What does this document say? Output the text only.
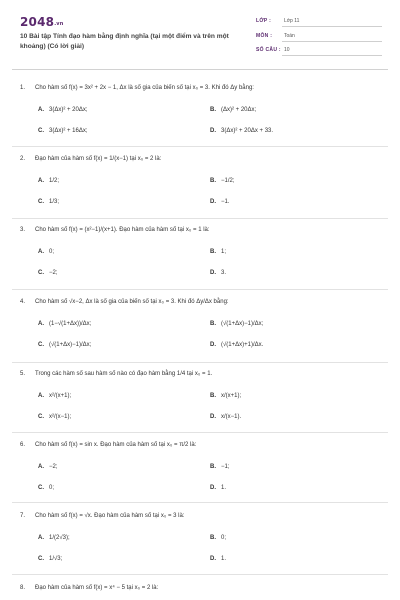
2048.vn
10 Bài tập Tính đạo hàm bằng định nghĩa (tại một điểm và trên một khoảng) (Có lời giải)
LỚP :	Lớp 11
MÔN : Toán
SỐ CÂU : 10
1. Cho hàm số f(x) = 3x² + 2x − 1, Δx là số gia của biến số tại x₀ = 3. Khi đó Δy bằng:
A. 3(Δx)² + 20Δx;	B. (Δx)² + 20Δx;
C. 3(Δx)² + 16Δx;	D. 3(Δx)² + 20Δx + 33.
2. Đạo hàm của hàm số f(x) = 1/(x−1) tại x₀ = 2 là:
A. 1/2;	B. −1/2;
C. 1/3;	D. −1.
3. Cho hàm số f(x) = (x²−1)/(x+1). Đạo hàm của hàm số tại x₀ = 1 là:
A. 0;	B. 1;
C. −2;	D. 3.
4. Cho hàm số √x−2, Δx là số gia của biến số tại x₀ = 3. Khi đó Δy/Δx bằng:
A. (1−√(1+Δx))/Δx;	B. (√(1+Δx)−1)/Δx;
C. (√(1+Δx)−1)/Δx;	D. (√(1+Δx)+1)/Δx.
5. Trong các hàm số sau hàm số nào có đạo hàm bằng 1/4 tại x₀ = 1.
A. x²/(x+1);	B. x/(x+1);
C. x²/(x−1);	D. x/(x−1).
6. Cho hàm số f(x) = sin x. Đạo hàm của hàm số tại x₀ = π/2 là:
A. −2;	B. −1;
C. 0;	D. 1.
7. Cho hàm số f(x) = √x. Đạo hàm của hàm số tại x₀ = 3 là:
A. 1/(2√3);	B. 0;
C. 1/√3;	D. 1.
8. Đạo hàm của hàm số f(x) = x⁴ − 5 tại x₀ = 2 là:
